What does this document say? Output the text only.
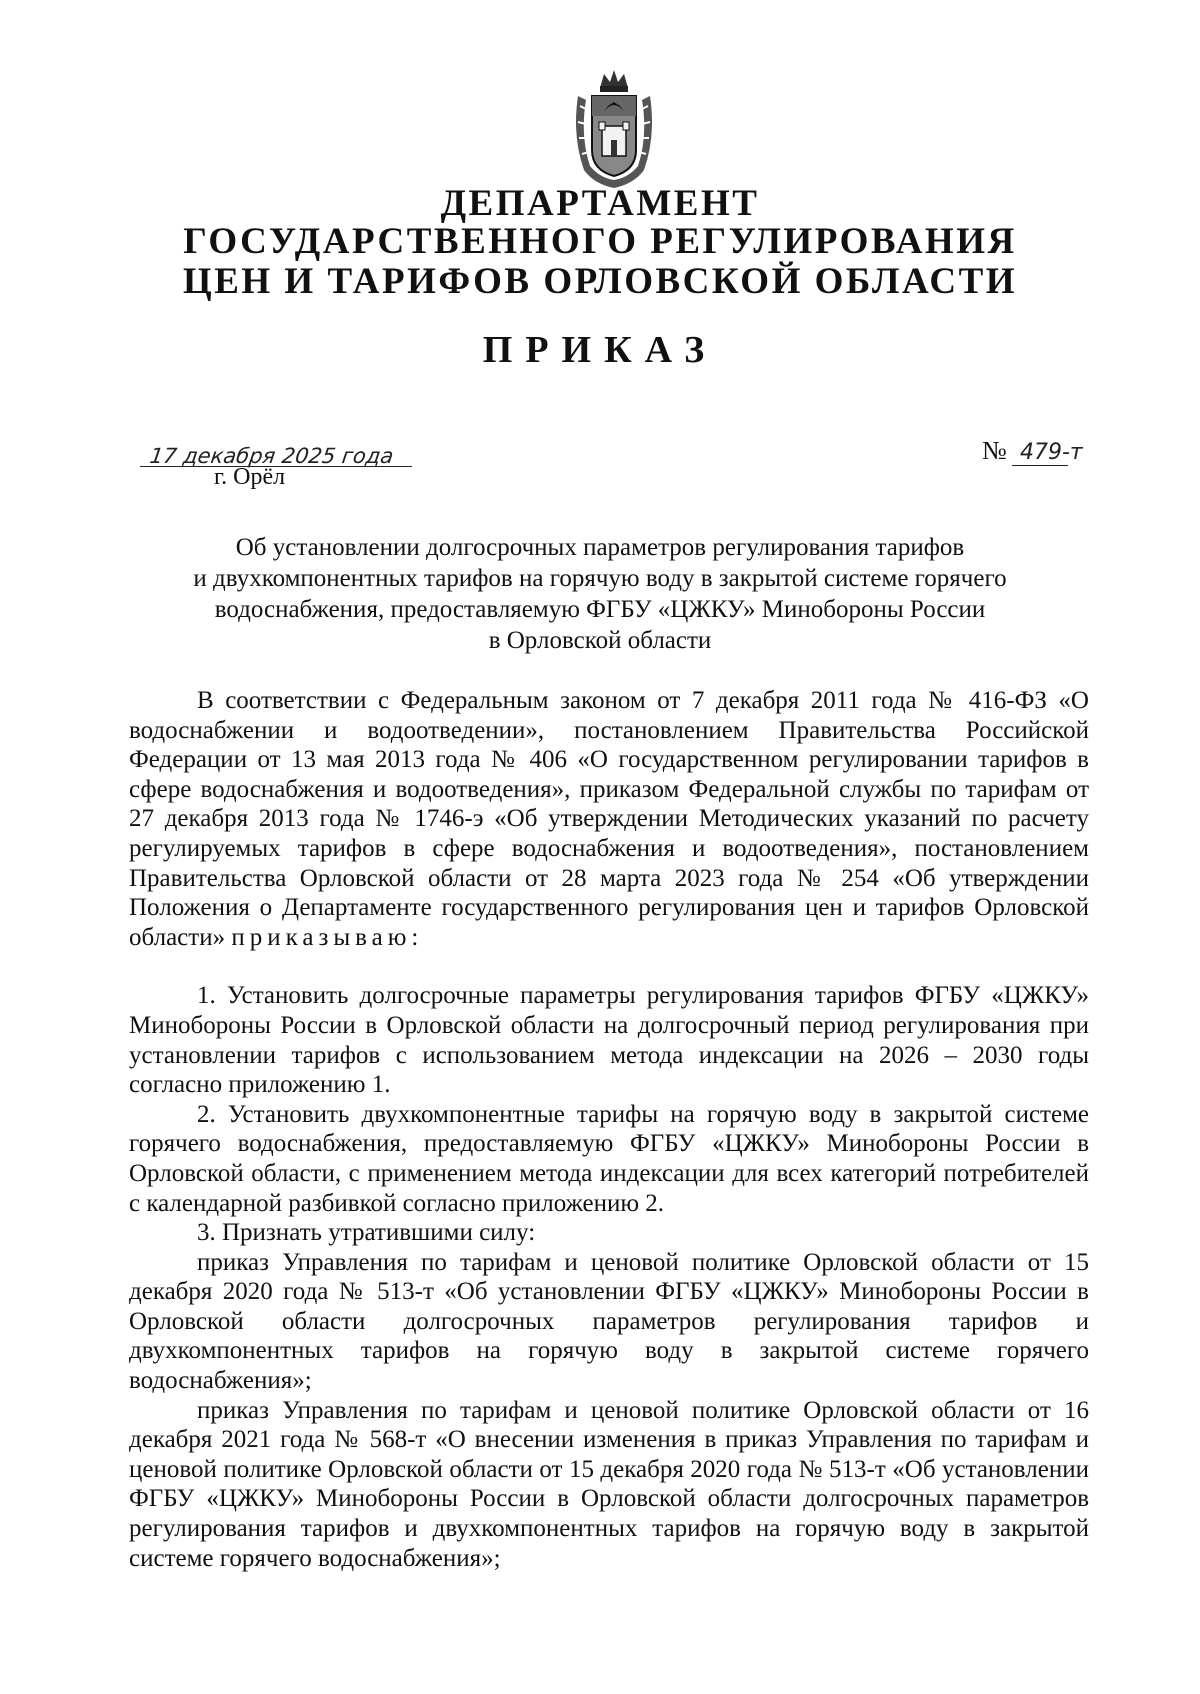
ДЕПАРТАМЕНТ
ГОСУДАРСТВЕННОГО РЕГУЛИРОВАНИЯ
ЦЕН И ТАРИФОВ ОРЛОВСКОЙ ОБЛАСТИ
ПРИКАЗ
17 декабря 2025 года
г. Орёл
№ 479-т
Об установлении долгосрочных параметров регулирования тарифов
и двухкомпонентных тарифов на горячую воду в закрытой системе горячего
водоснабжения, предоставляемую ФГБУ «ЦЖКУ» Минобороны России
в Орловской области

В соответствии с Федеральным законом от 7 декабря 2011 года № 416-ФЗ «О водоснабжении и водоотведении», постановлением Правительства Российской Федерации от 13 мая 2013 года № 406 «О государственном регулировании тарифов в сфере водоснабжения и водоотведения», приказом Федеральной службы по тарифам от 27 декабря 2013 года № 1746-э «Об утверждении Методических указаний по расчету регулируемых тарифов в сфере водоснабжения и водоотведения», постановлением Правительства Орловской области от 28 марта 2023 года № 254 «Об утверждении Положения о Департаменте государственного регулирования цен и тарифов Орловской области» приказываю:

1. Установить долгосрочные параметры регулирования тарифов ФГБУ «ЦЖКУ» Минобороны России в Орловской области на долгосрочный период регулирования при установлении тарифов с использованием метода индексации на 2026 – 2030 годы согласно приложению 1.

2. Установить двухкомпонентные тарифы на горячую воду в закрытой системе горячего водоснабжения, предоставляемую ФГБУ «ЦЖКУ» Минобороны России в Орловской области, с применением метода индексации для всех категорий потребителей с календарной разбивкой согласно приложению 2.

3. Признать утратившими силу:

приказ Управления по тарифам и ценовой политике Орловской области от 15 декабря 2020 года № 513-т «Об установлении ФГБУ «ЦЖКУ» Минобороны России в Орловской области долгосрочных параметров регулирования тарифов и двухкомпонентных тарифов на горячую воду в закрытой системе горячего водоснабжения»;

приказ Управления по тарифам и ценовой политике Орловской области от 16 декабря 2021 года № 568-т «О внесении изменения в приказ Управления по тарифам и ценовой политике Орловской области от 15 декабря 2020 года № 513-т «Об установлении ФГБУ «ЦЖКУ» Минобороны России в Орловской области долгосрочных параметров регулирования тарифов и двухкомпонентных тарифов на горячую воду в закрытой системе горячего водоснабжения»;
